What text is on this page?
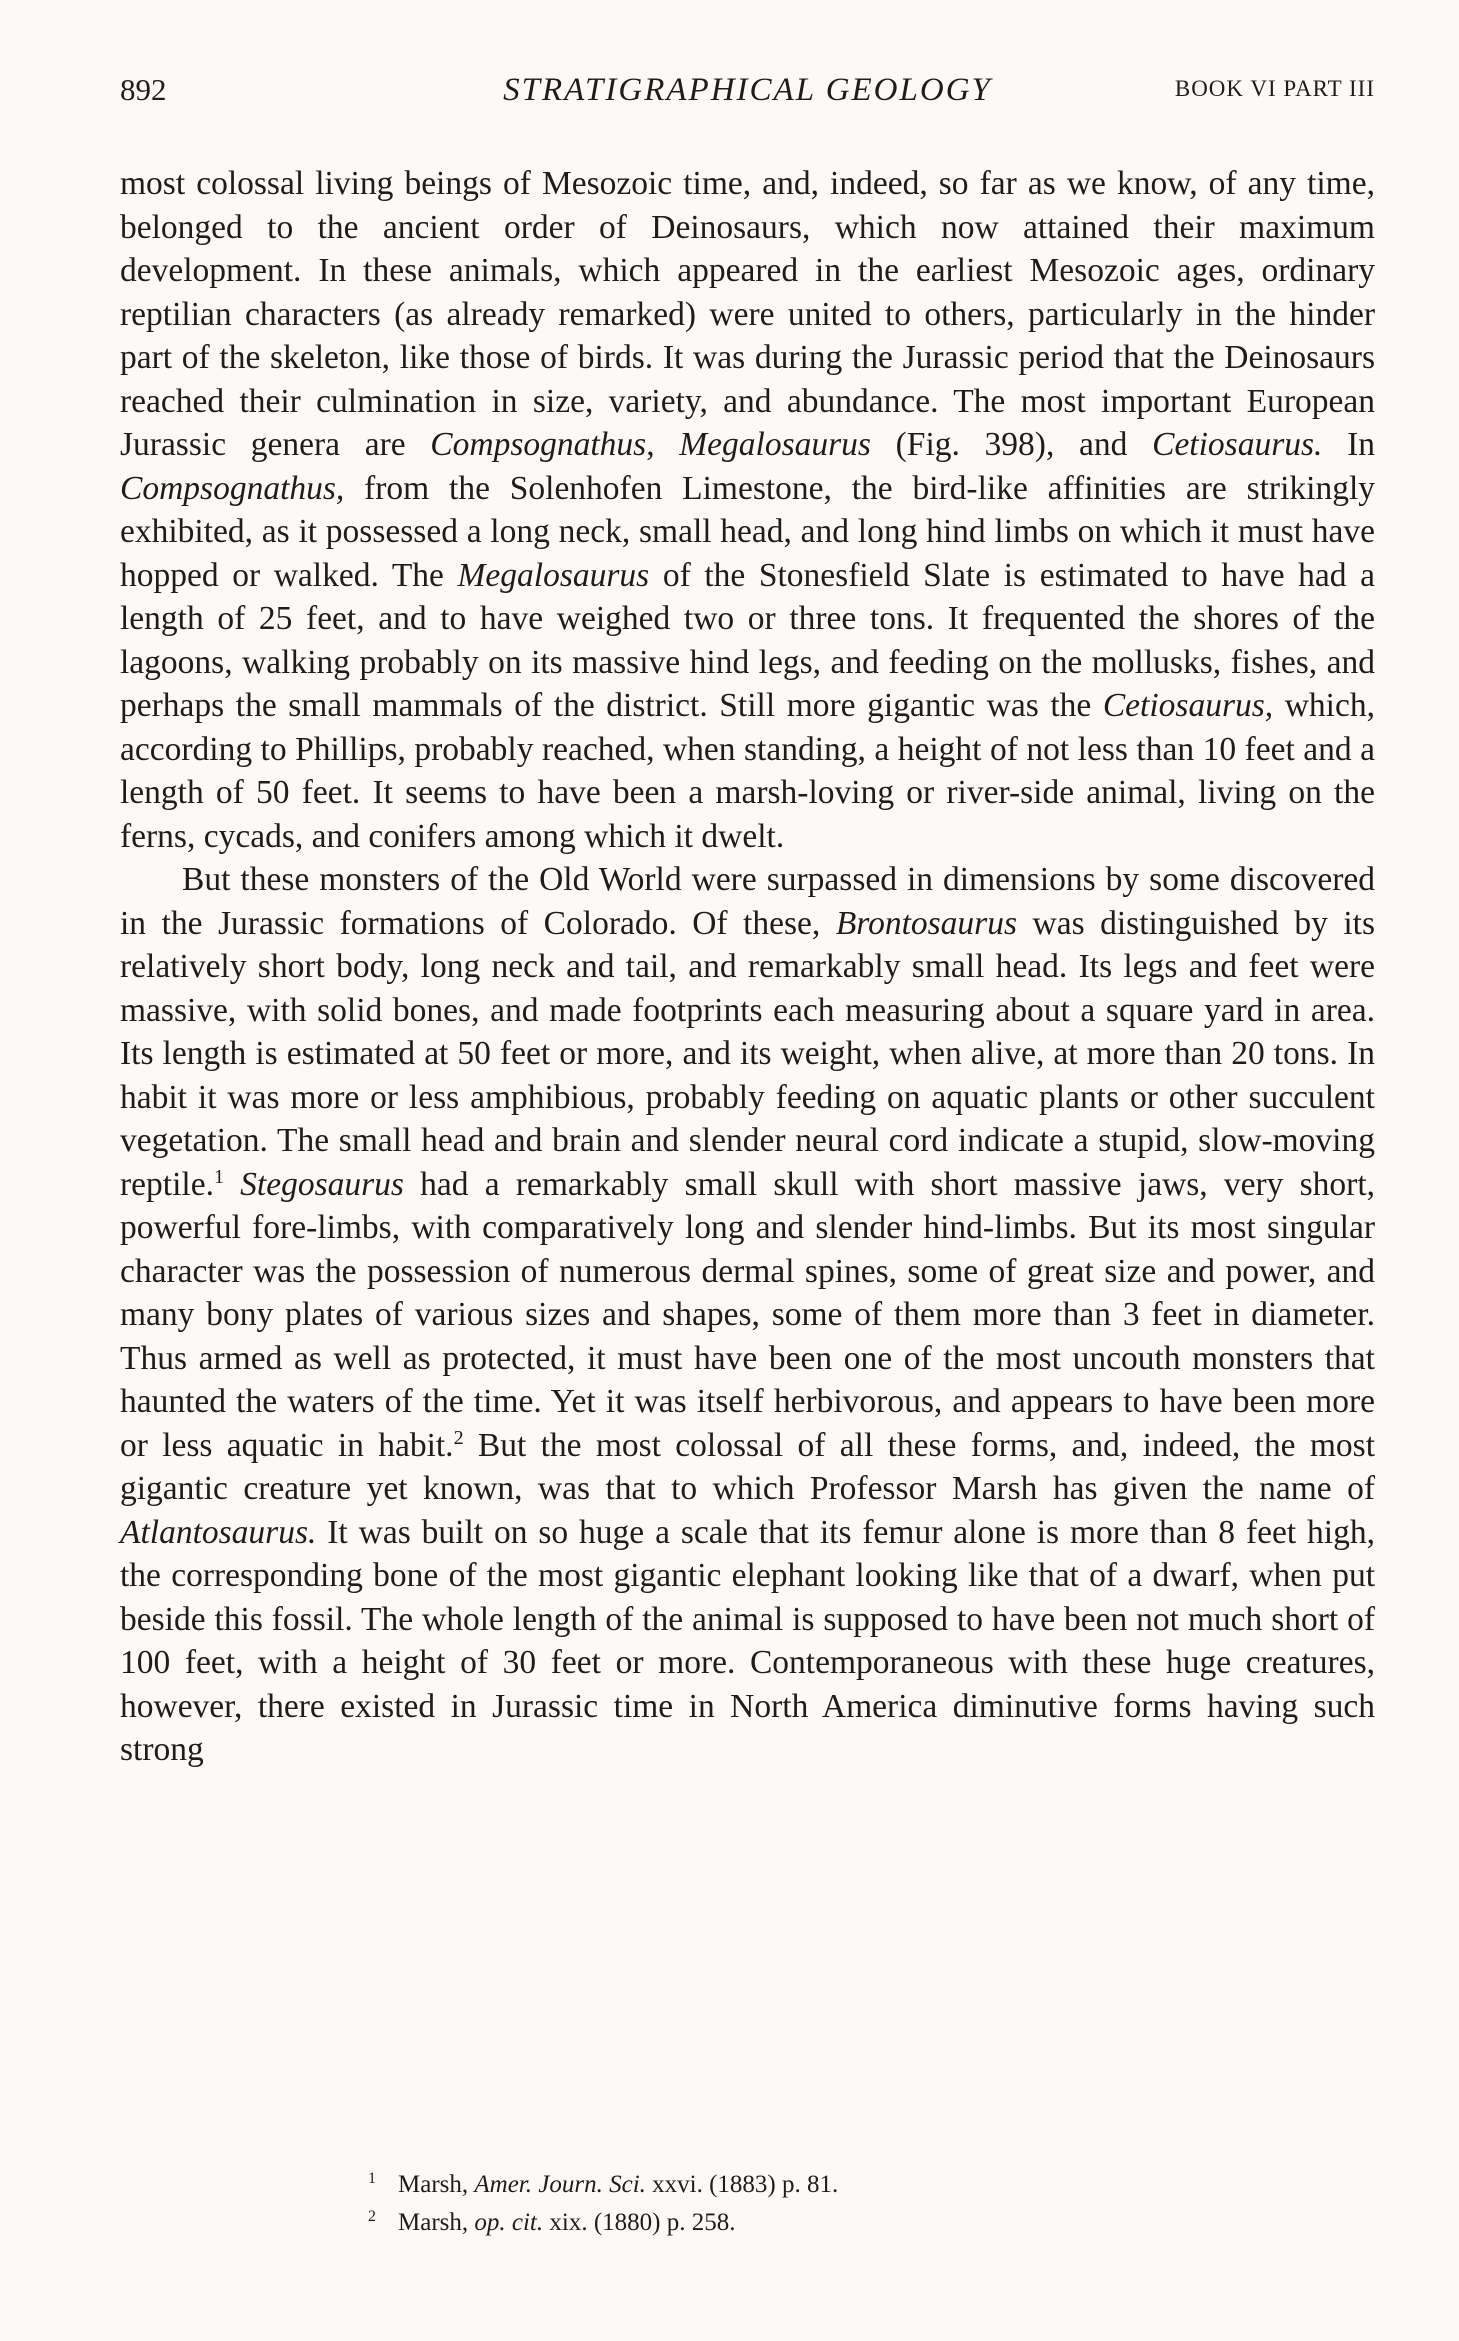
892	STRATIGRAPHICAL GEOLOGY	BOOK VI PART III

most colossal living beings of Mesozoic time, and, indeed, so far as we know, of any time, belonged to the ancient order of Deinosaurs, which now attained their maximum development. In these animals, which appeared in the earliest Mesozoic ages, ordinary reptilian characters (as already remarked) were united to others, particularly in the hinder part of the skeleton, like those of birds. It was during the Jurassic period that the Deinosaurs reached their culmination in size, variety, and abundance. The most important European Jurassic genera are Compsognathus, Megalosaurus (Fig. 398), and Cetiosaurus. In Compsognathus, from the Solenhofen Limestone, the bird-like affinities are strikingly exhibited, as it possessed a long neck, small head, and long hind limbs on which it must have hopped or walked. The Megalosaurus of the Stonesfield Slate is estimated to have had a length of 25 feet, and to have weighed two or three tons. It frequented the shores of the lagoons, walking probably on its massive hind legs, and feeding on the mollusks, fishes, and perhaps the small mammals of the district. Still more gigantic was the Cetiosaurus, which, according to Phillips, probably reached, when standing, a height of not less than 10 feet and a length of 50 feet. It seems to have been a marsh-loving or river-side animal, living on the ferns, cycads, and conifers among which it dwelt.

But these monsters of the Old World were surpassed in dimensions by some discovered in the Jurassic formations of Colorado. Of these, Brontosaurus was distinguished by its relatively short body, long neck and tail, and remarkably small head. Its legs and feet were massive, with solid bones, and made footprints each measuring about a square yard in area. Its length is estimated at 50 feet or more, and its weight, when alive, at more than 20 tons. In habit it was more or less amphibious, probably feeding on aquatic plants or other succulent vegetation. The small head and brain and slender neural cord indicate a stupid, slow-moving reptile.$^1$ Stegosaurus had a remarkably small skull with short massive jaws, very short, powerful fore-limbs, with comparatively long and slender hind-limbs. But its most singular character was the possession of numerous dermal spines, some of great size and power, and many bony plates of various sizes and shapes, some of them more than 3 feet in diameter. Thus armed as well as protected, it must have been one of the most uncouth monsters that haunted the waters of the time. Yet it was itself herbivorous, and appears to have been more or less aquatic in habit.$^2$ But the most colossal of all these forms, and, indeed, the most gigantic creature yet known, was that to which Professor Marsh has given the name of Atlantosaurus. It was built on so huge a scale that its femur alone is more than 8 feet high, the corresponding bone of the most gigantic elephant looking like that of a dwarf, when put beside this fossil. The whole length of the animal is supposed to have been not much short of 100 feet, with a height of 30 feet or more. Contemporaneous with these huge creatures, however, there existed in Jurassic time in North America diminutive forms having such strong

1 Marsh, Amer. Journ. Sci. xxvi. (1883) p. 81.
2 Marsh, op. cit. xix. (1880) p. 258.
